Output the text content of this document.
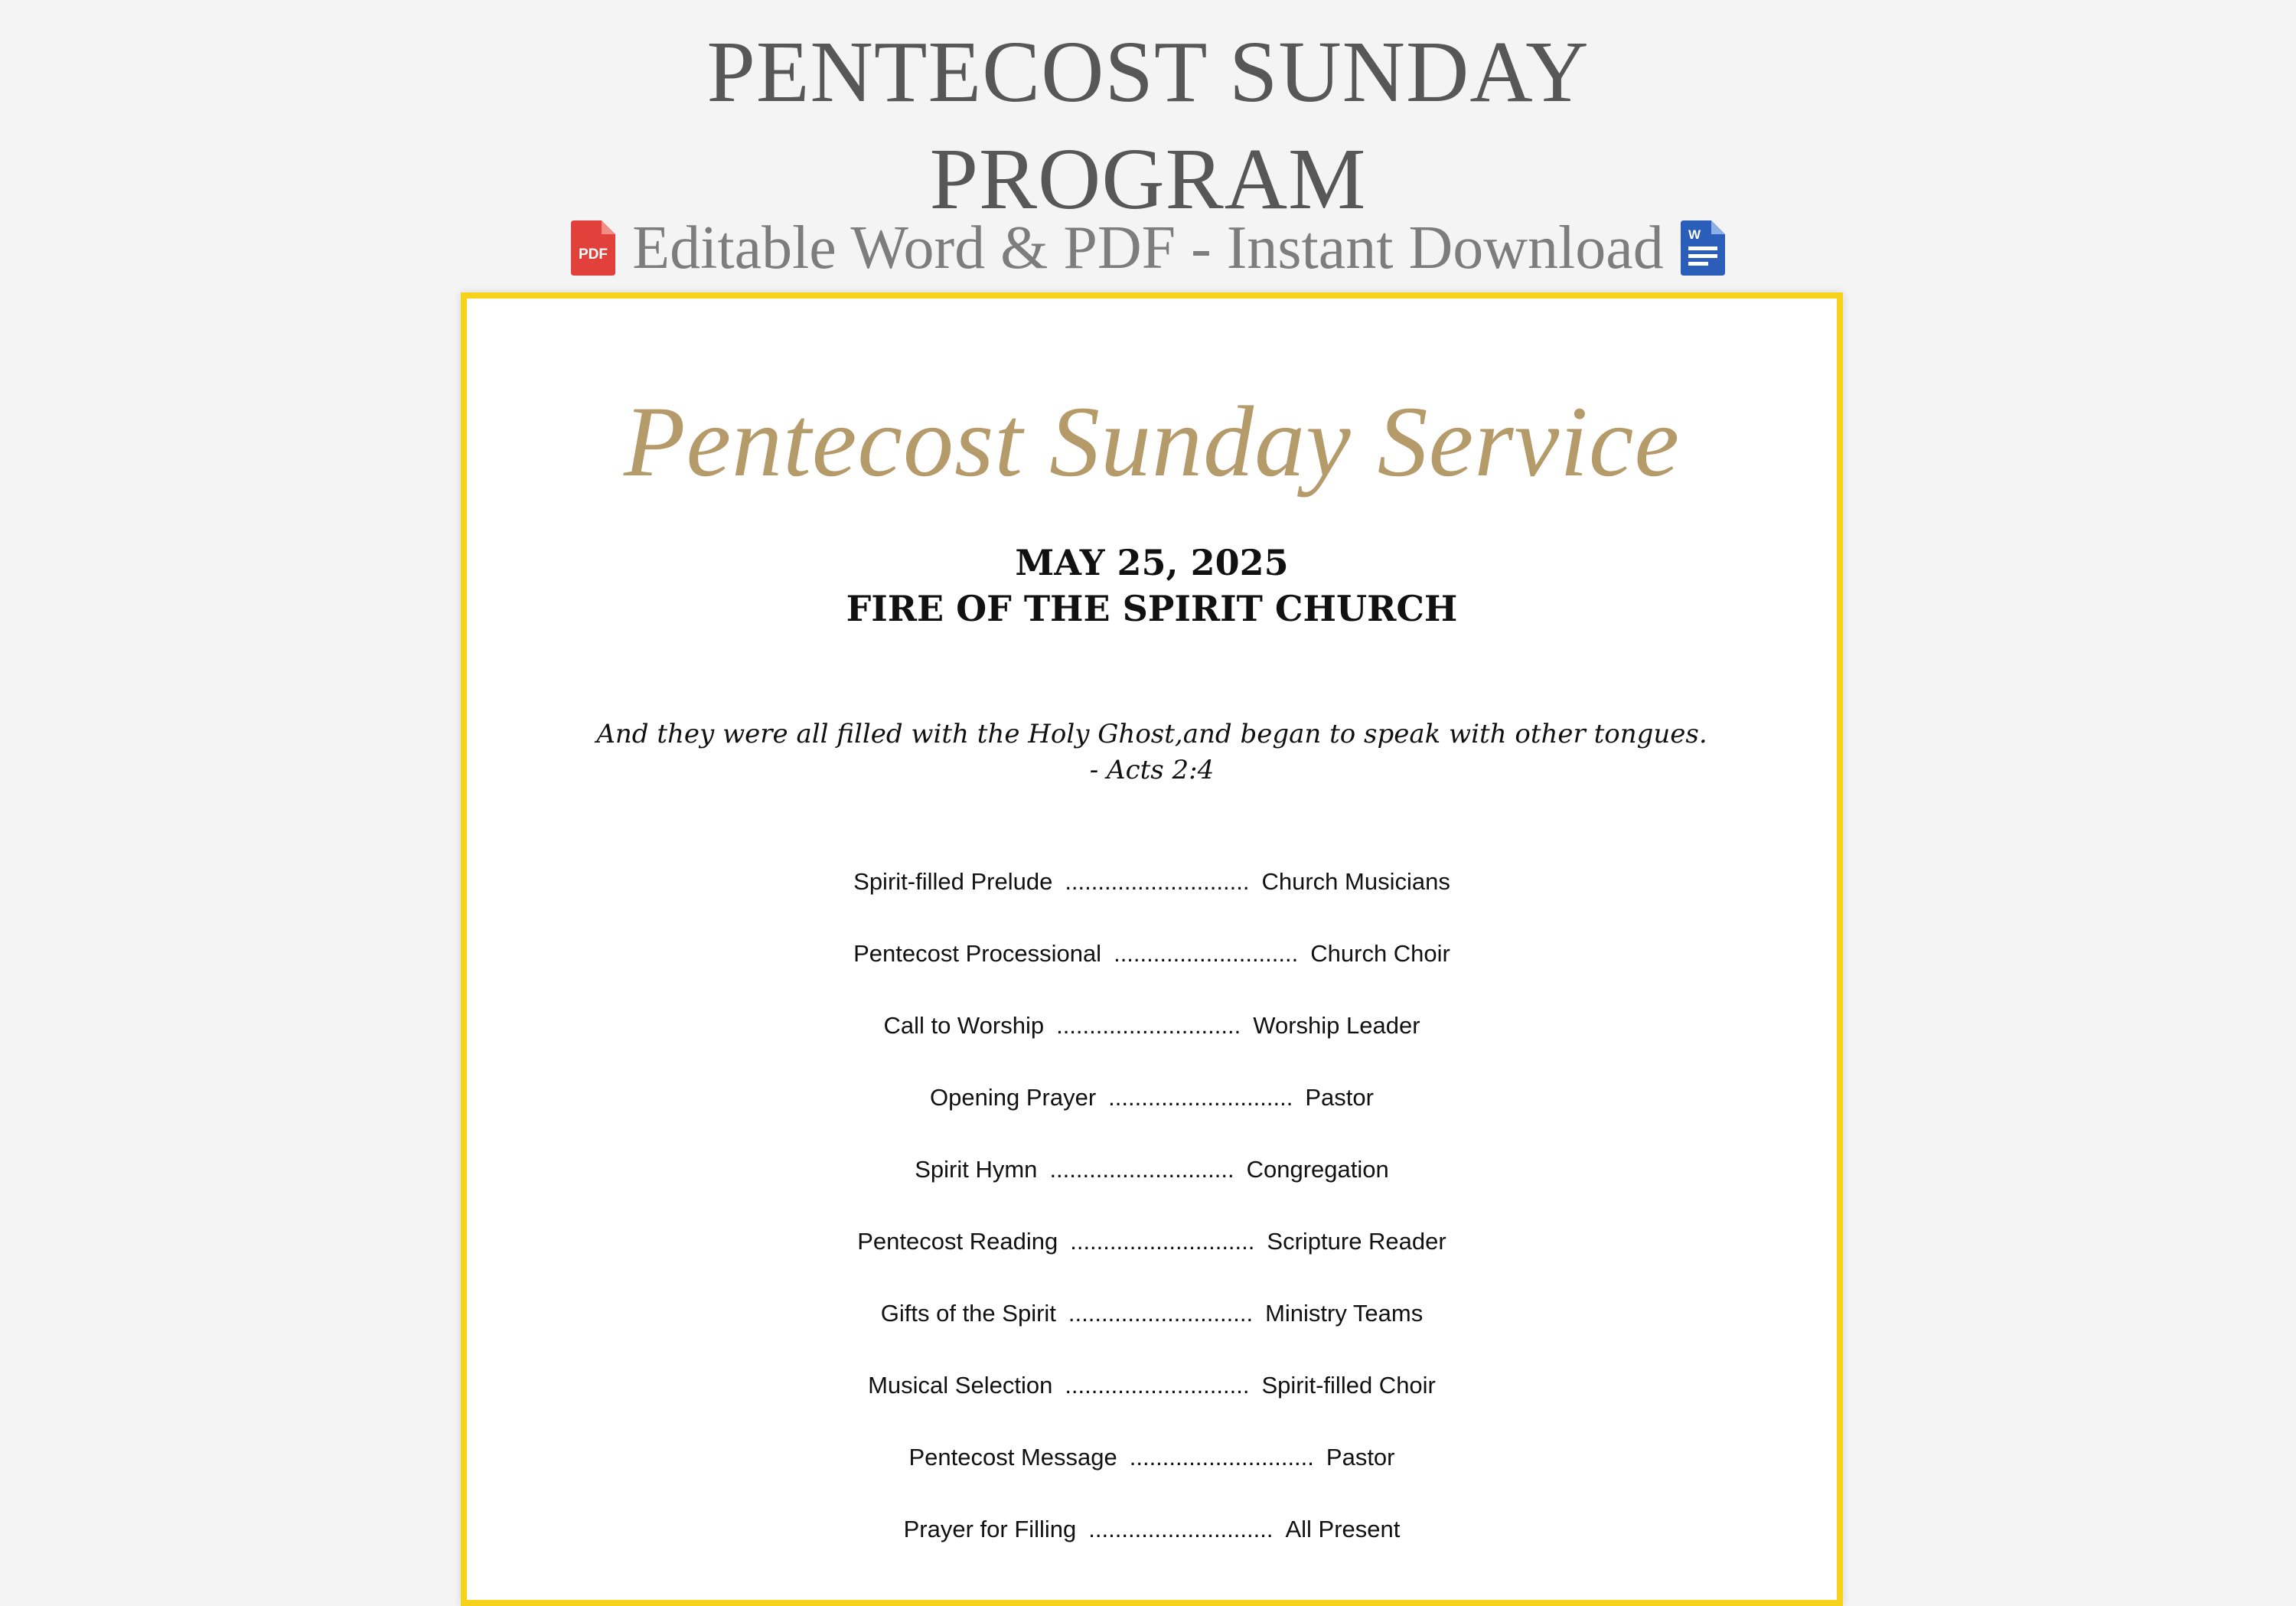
PENTECOST SUNDAY
PROGRAM
PDF Editable Word & PDF - Instant Download W
Pentecost Sunday Service
MAY 25, 2025
FIRE OF THE SPIRIT CHURCH
And they were all filled with the Holy Ghost,and began to speak with other tongues.
- Acts 2:4
Spirit-filled Prelude ............................ Church Musicians
Pentecost Processional ............................ Church Choir
Call to Worship ............................ Worship Leader
Opening Prayer ............................ Pastor
Spirit Hymn ............................ Congregation
Pentecost Reading ............................ Scripture Reader
Gifts of the Spirit ............................ Ministry Teams
Musical Selection ............................ Spirit-filled Choir
Pentecost Message ............................ Pastor
Prayer for Filling ............................ All Present
